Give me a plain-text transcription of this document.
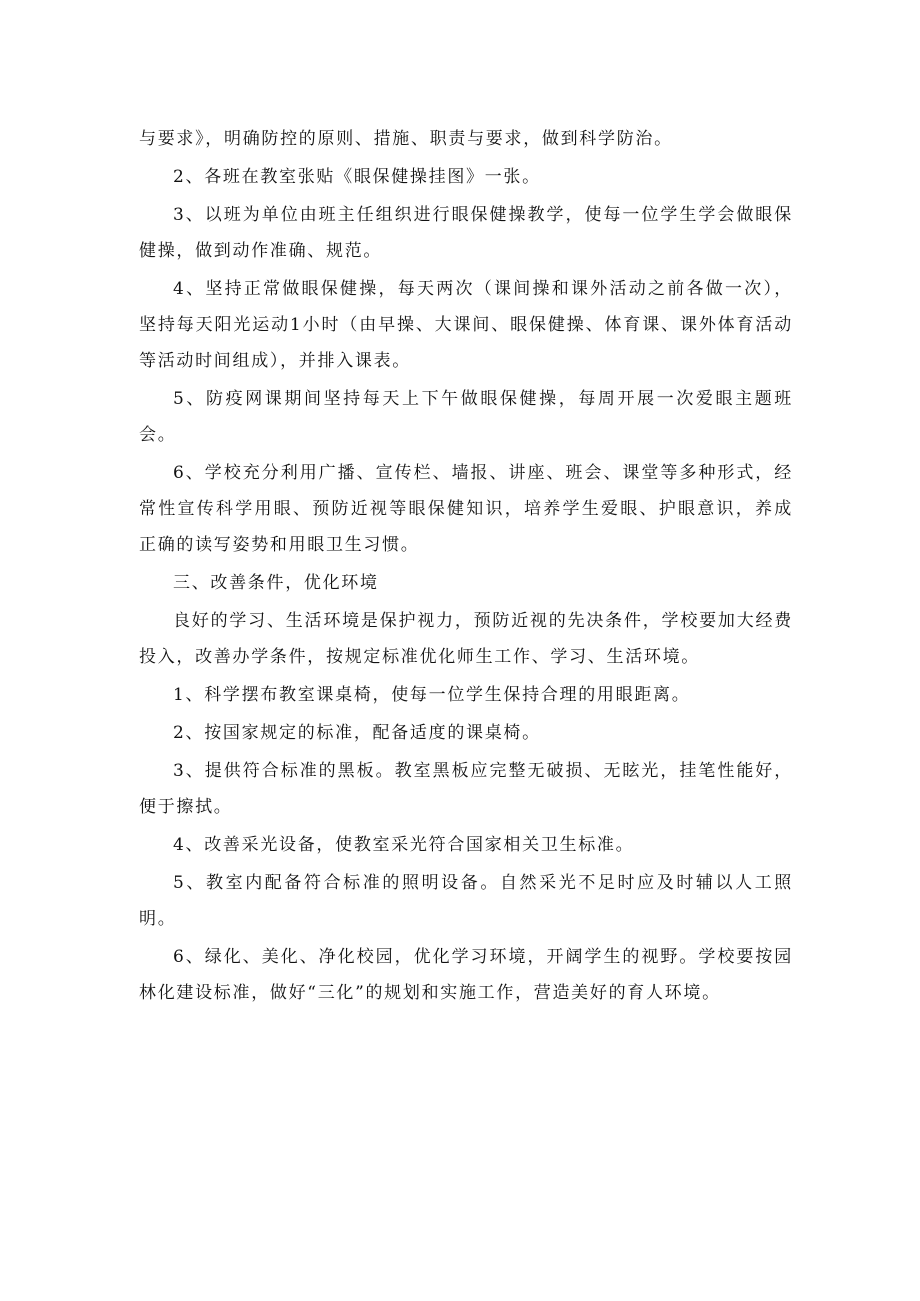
与要求》，明确防控的原则、措施、职责与要求，做到科学防治。

2、各班在教室张贴《眼保健操挂图》一张。

3、以班为单位由班主任组织进行眼保健操教学，使每一位学生学会做眼保健操，做到动作准确、规范。

4、坚持正常做眼保健操，每天两次（课间操和课外活动之前各做一次），坚持每天阳光运动1小时（由早操、大课间、眼保健操、体育课、课外体育活动等活动时间组成），并排入课表。

5、防疫网课期间坚持每天上下午做眼保健操，每周开展一次爱眼主题班会。

6、学校充分利用广播、宣传栏、墙报、讲座、班会、课堂等多种形式，经常性宣传科学用眼、预防近视等眼保健知识，培养学生爱眼、护眼意识，养成正确的读写姿势和用眼卫生习惯。

三、改善条件，优化环境

良好的学习、生活环境是保护视力，预防近视的先决条件，学校要加大经费投入，改善办学条件，按规定标准优化师生工作、学习、生活环境。

1、科学摆布教室课桌椅，使每一位学生保持合理的用眼距离。

2、按国家规定的标准，配备适度的课桌椅。

3、提供符合标准的黑板。教室黑板应完整无破损、无眩光，挂笔性能好，便于擦拭。

4、改善采光设备，使教室采光符合国家相关卫生标准。

5、教室内配备符合标准的照明设备。自然采光不足时应及时辅以人工照明。

6、绿化、美化、净化校园，优化学习环境，开阔学生的视野。学校要按园林化建设标准，做好“三化”的规划和实施工作，营造美好的育人环境。
